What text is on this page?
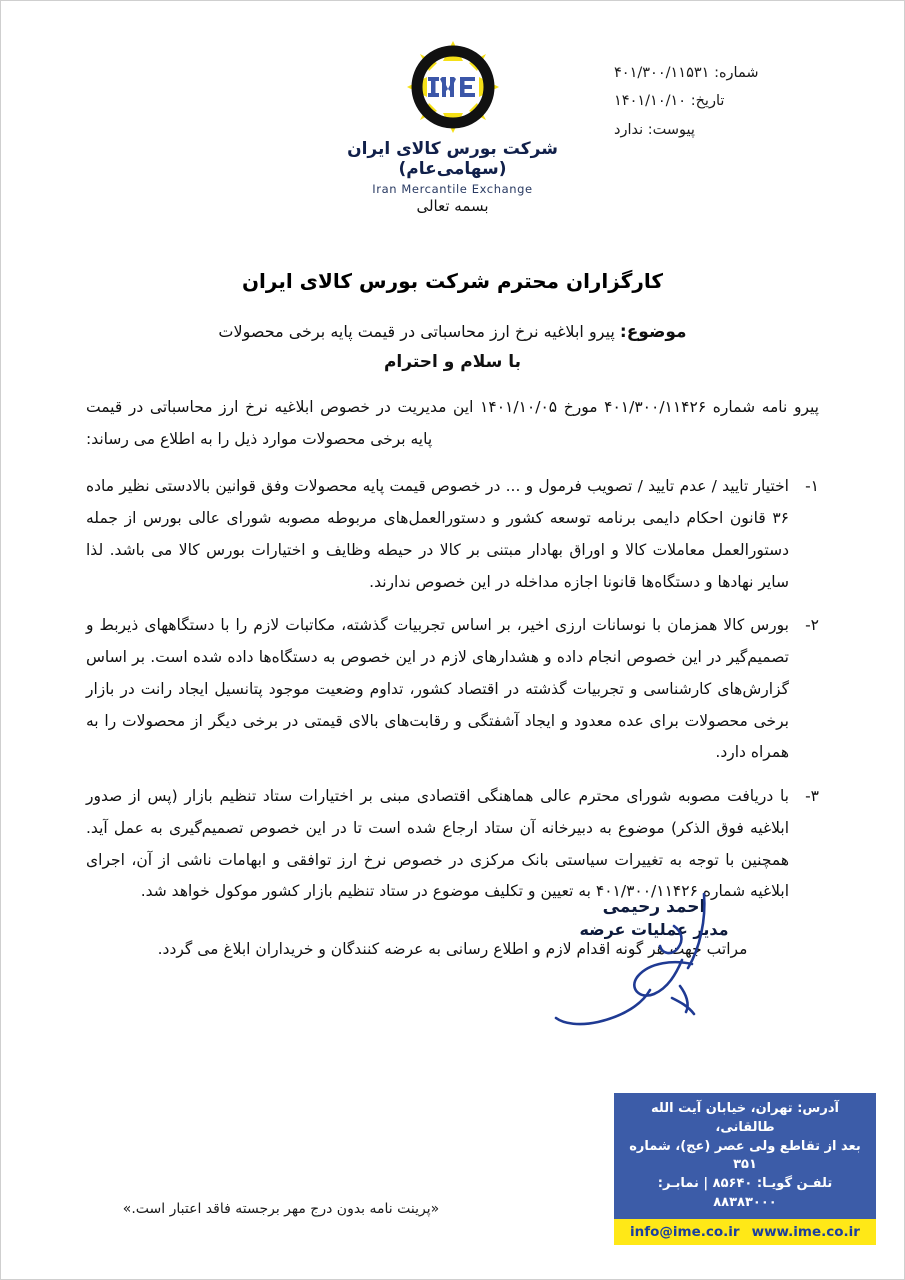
شماره: ۴۰۱/۳۰۰/۱۱۵۳۱
تاریخ: ۱۴۰۱/۱۰/۱۰
پیوست: ندارد
شرکت بورس کالای ایران (سهامی‌عام)
Iran Mercantile Exchange
بسمه تعالی
کارگزاران محترم شرکت بورس کالای ایران
موضوع: پیرو ابلاغیه نرخ ارز محاسباتی در قیمت پایه برخی محصولات
با سلام و احترام

پیرو نامه شماره ۴۰۱/۳۰۰/۱۱۴۲۶ مورخ ۱۴۰۱/۱۰/۰۵ این مدیریت در خصوص ابلاغیه نرخ ارز محاسباتی در قیمت پایه برخی محصولات موارد ذیل را به اطلاع می رساند:

۱-
اختیار تایید / عدم تایید / تصویب فرمول و ... در خصوص قیمت پایه محصولات وفق قوانین بالادستی نظیر ماده ۳۶ قانون احکام دایمی برنامه توسعه کشور و دستورالعمل‌های مربوطه مصوبه شورای عالی بورس از جمله دستورالعمل معاملات کالا و اوراق بهادار مبتنی بر کالا در حیطه وظایف و اختیارات بورس کالا می باشد. لذا سایر نهادها و دستگاه‌ها قانونا اجازه مداخله در این خصوص ندارند.
۲-
بورس کالا همزمان با نوسانات ارزی اخیر، بر اساس تجربیات گذشته، مکاتبات لازم را با دستگاههای ذیربط و تصمیم‌گیر در این خصوص انجام داده و هشدارهای لازم در این خصوص به دستگاه‌ها داده شده است. بر اساس گزارش‌های کارشناسی و تجربیات گذشته در اقتصاد کشور، تداوم وضعیت موجود پتانسیل ایجاد رانت در بازار برخی محصولات برای عده معدود و ایجاد آشفتگی و رقابت‌های بالای قیمتی در برخی دیگر از محصولات را به همراه دارد.
۳-
با دریافت مصوبه شورای محترم عالی هماهنگی اقتصادی مبنی بر اختیارات ستاد تنظیم بازار (پس از صدور ابلاغیه فوق الذکر) موضوع به دبیرخانه آن ستاد ارجاع شده است تا در این خصوص تصمیم‌گیری به عمل آید. همچنین با توجه به تغییرات سیاستی بانک مرکزی در خصوص نرخ ارز توافقی و ابهامات ناشی از آن، اجرای ابلاغیه شماره ۴۰۱/۳۰۰/۱۱۴۲۶ به تعیین و تکلیف موضوع در ستاد تنظیم بازار کشور موکول خواهد شد.

مراتب جهت هر گونه اقدام لازم و اطلاع رسانی به عرضه کنندگان و خریداران ابلاغ می گردد.

احمد رحیمی
مدیر عملیات عرضه
«پرینت نامه بدون درج مهر برجسته فاقد اعتبار است.»
آدرس: تهران، خیابان آیت الله طالقانی،
بعد از تقاطع ولی عصر (عج)، شماره ۳۵۱
تلفـن گویـا: ۸۵۶۴۰ | نمابـر: ۸۸۳۸۳۰۰۰
info@ime.co.ir www.ime.co.ir
